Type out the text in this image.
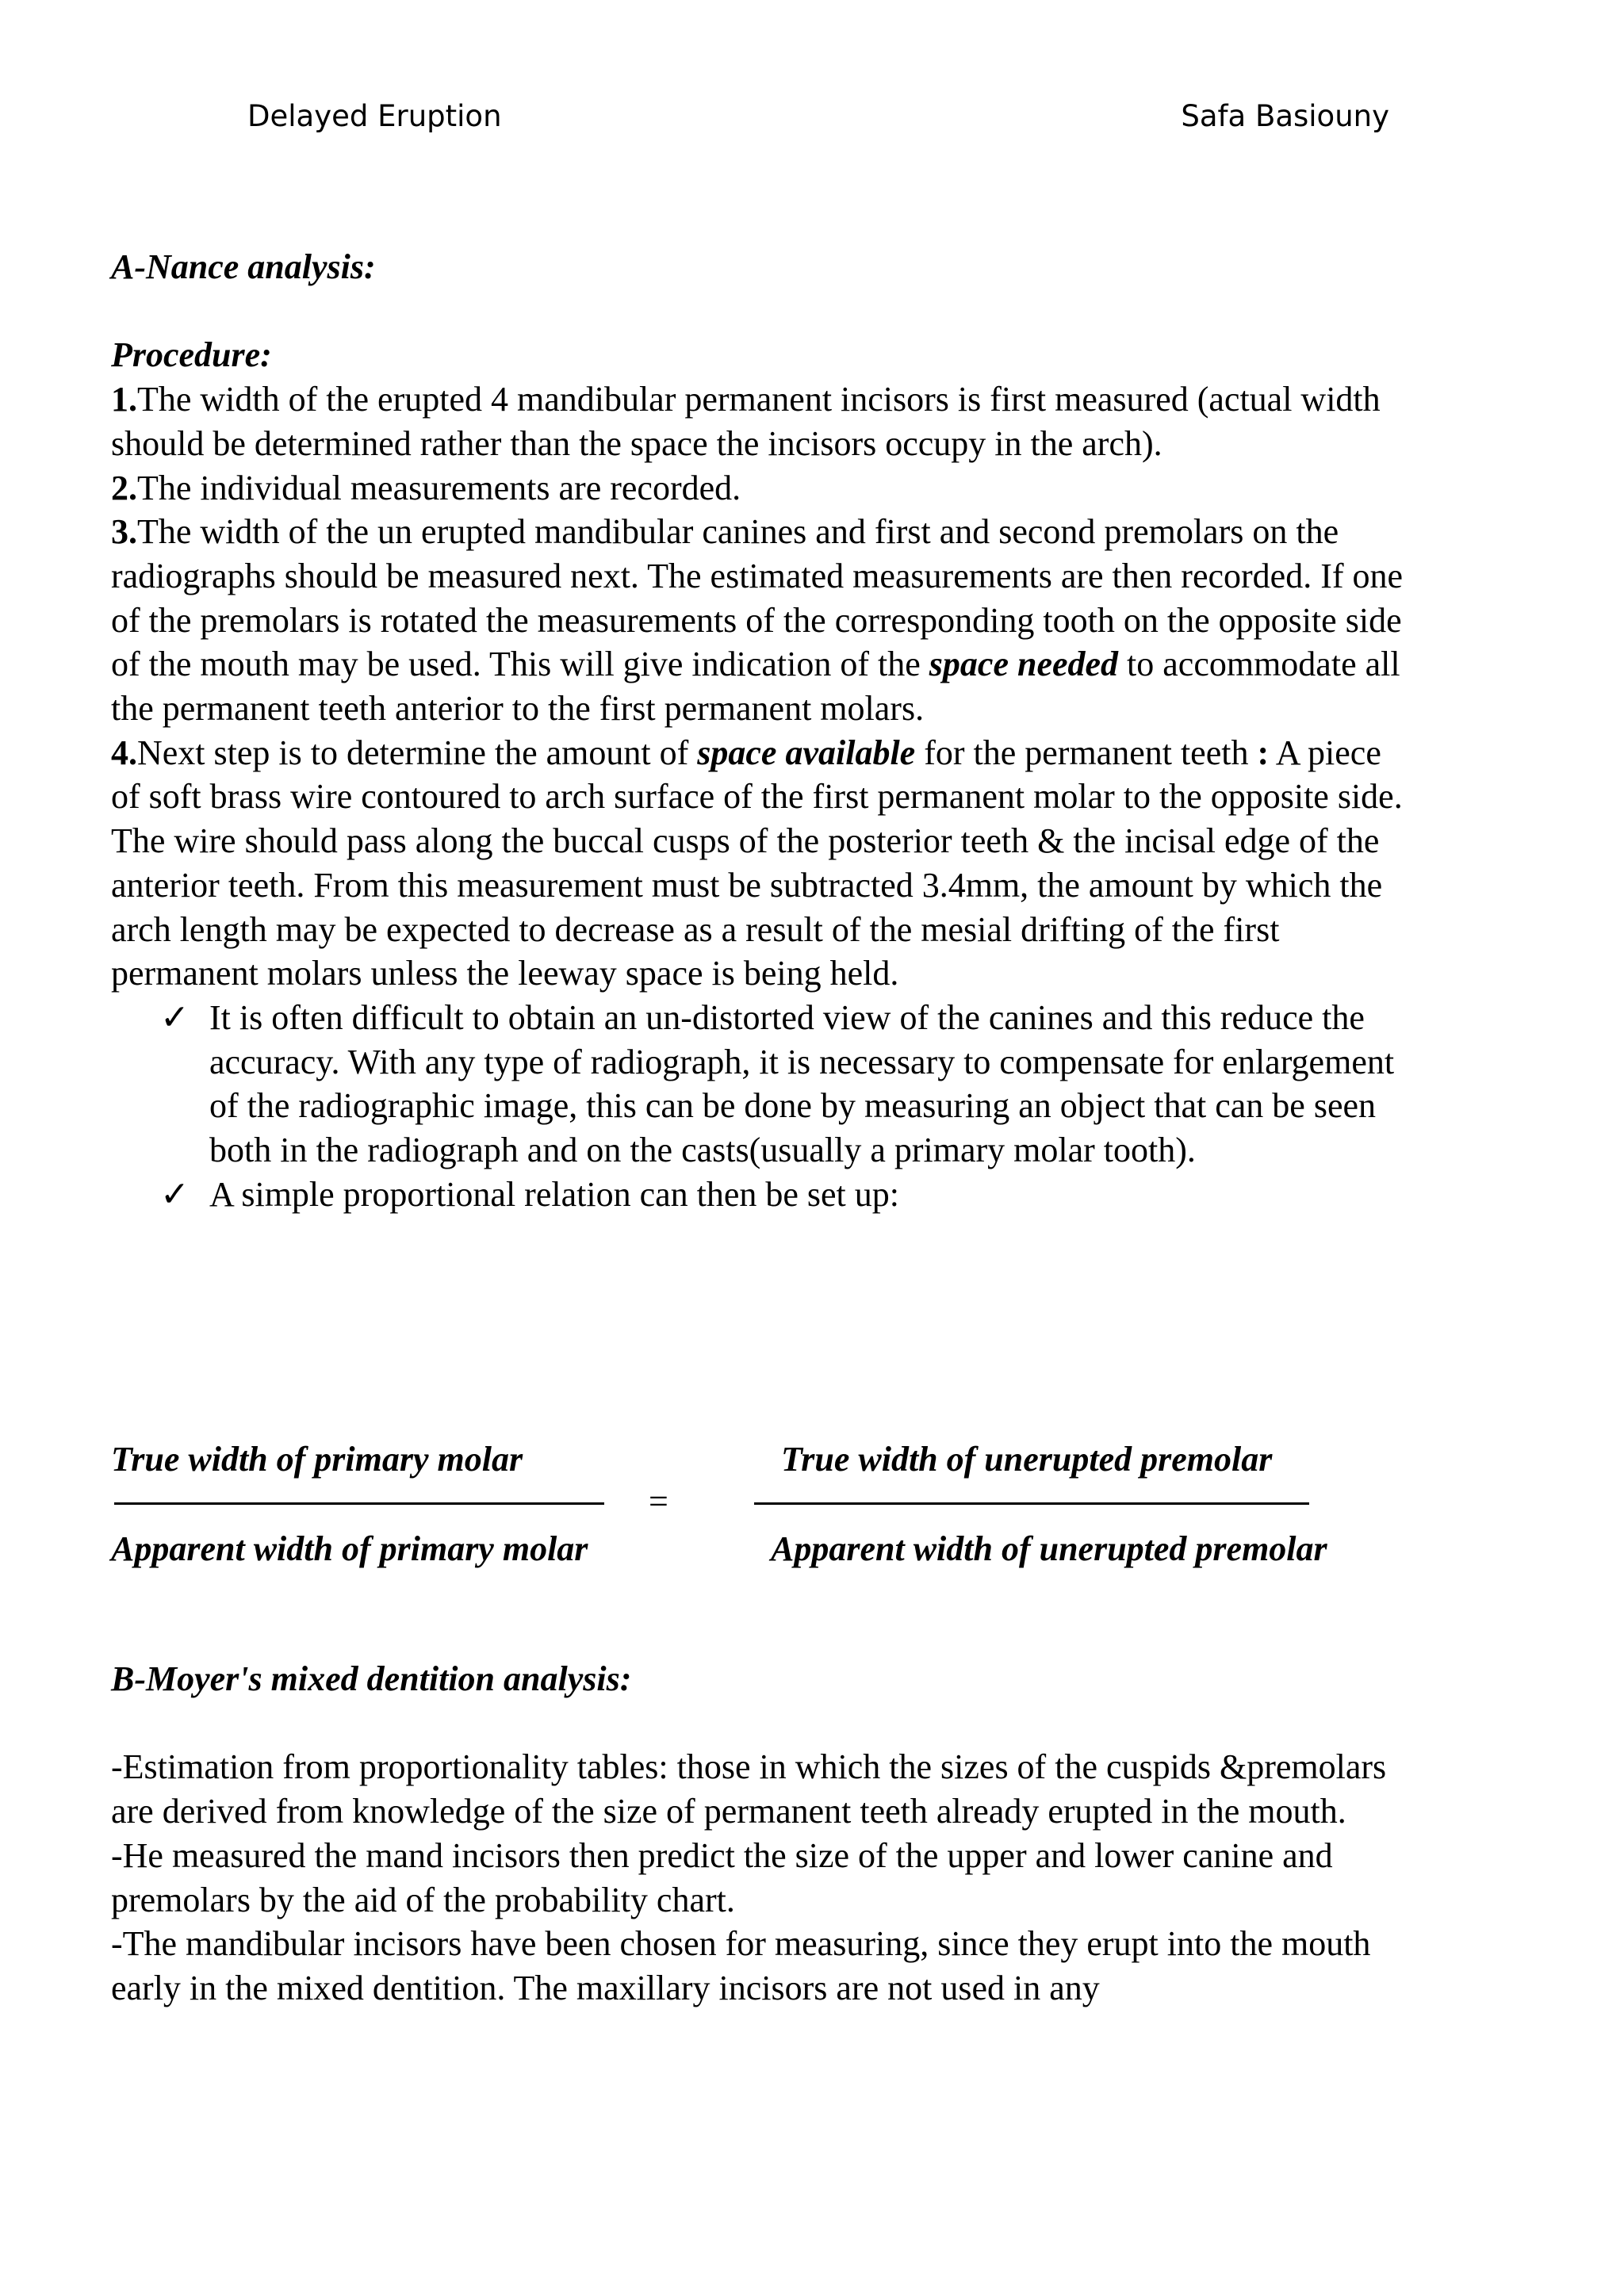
Delayed Eruption	Safa Basiouny

A-Nance analysis:

Procedure:

1.The width of the erupted 4 mandibular permanent incisors is first measured (actual width should be determined rather than the space the incisors occupy in the arch).

2.The individual measurements are recorded.

3.The width of the un erupted mandibular canines and first and second premolars on the radiographs should be measured next. The estimated measurements are then recorded. If one of the premolars is rotated the measurements of the corresponding tooth on the opposite side of the mouth may be used. This will give indication of the space needed to accommodate all the permanent teeth anterior to the first permanent molars.

4.Next step is to determine the amount of space available for the permanent teeth : A piece of soft brass wire contoured to arch surface of the first permanent molar to the opposite side. The wire should pass along the buccal cusps of the posterior teeth & the incisal edge of the anterior teeth. From this measurement must be subtracted 3.4mm, the amount by which the arch length may be expected to decrease as a result of the mesial drifting of the first permanent molars unless the leeway space is being held.

✓ It is often difficult to obtain an un-distorted view of the canines and this reduce the accuracy. With any type of radiograph, it is necessary to compensate for enlargement of the radiographic image, this can be done by measuring an object that can be seen both in the radiograph and on the casts(usually a primary molar tooth).

✓ A simple proportional relation can then be set up:

True width of primary molar
Apparent width of primary molar
=
True width of unerupted premolar
Apparent width of unerupted premolar

B-Moyer's mixed dentition analysis:

-Estimation from proportionality tables: those in which the sizes of the cuspids &premolars are derived from knowledge of the size of permanent teeth already erupted in the mouth.

-He measured the mand incisors then predict the size of the upper and lower canine and premolars by the aid of the probability chart.

-The mandibular incisors have been chosen for measuring, since they erupt into the mouth early in the mixed dentition. The maxillary incisors are not used in any
